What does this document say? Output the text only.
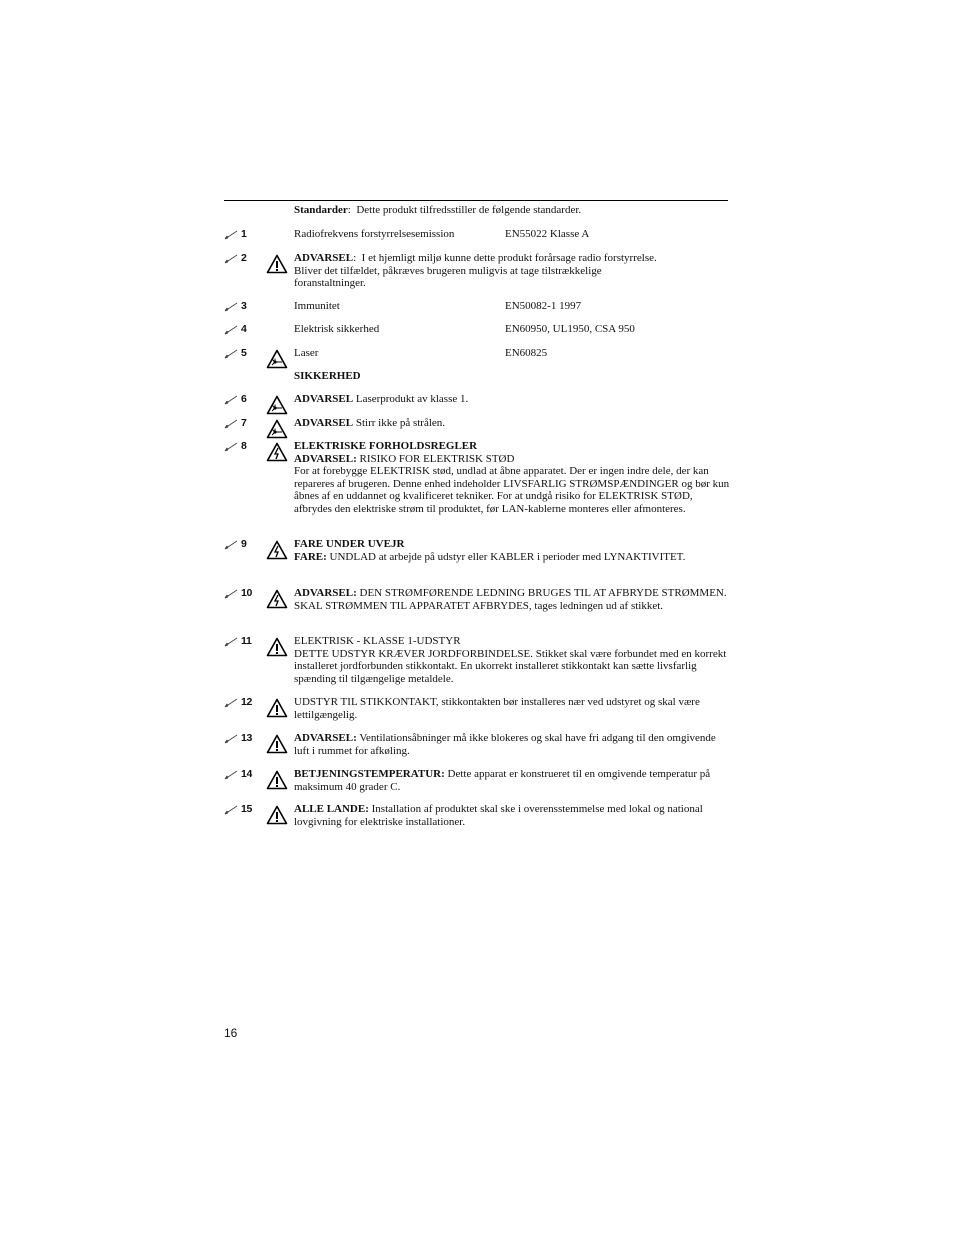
Standarder:  Dette produkt tilfredsstiller de følgende standarder.
1	Radiofrekvens forstyrrelsesemission	EN55022 Klasse A
2	ADVARSEL:  I et hjemligt miljø kunne dette produkt forårsage radio forstyrrelse.
Bliver det tilfældet, påkræves brugeren muligvis at tage tilstrækkelige
foranstaltninger.
3	Immunitet	EN50082-1 1997
4	Elektrisk sikkerhed	EN60950, UL1950, CSA 950
5	Laser	EN60825
SIKKERHED
6	ADVARSEL Laserprodukt av klasse 1.
7	ADVARSEL Stirr ikke på strålen.
8	ELEKTRISKE FORHOLDSREGLER
ADVARSEL: RISIKO FOR ELEKTRISK STØD
For at forebygge ELEKTRISK stød, undlad at åbne apparatet. Der er ingen indre dele, der kan repareres af brugeren. Denne enhed indeholder LIVSFARLIG STRØMSPÆNDINGER og bør kun åbnes af en uddannet og kvalificeret tekniker. For at undgå risiko for ELEKTRISK STØD, afbrydes den elektriske strøm til produktet, før LAN-kablerne monteres eller afmonteres.
9	FARE UNDER UVEJR
FARE: UNDLAD at arbejde på udstyr eller KABLER i perioder med LYNAKTIVITET.
10	ADVARSEL: DEN STRØMFØRENDE LEDNING BRUGES TIL AT AFBRYDE STRØMMEN. SKAL STRØMMEN TIL APPARATET AFBRYDES, tages ledningen ud af stikket.
11	ELEKTRISK - KLASSE 1-UDSTYR
DETTE UDSTYR KRÆVER JORDFORBINDELSE. Stikket skal være forbundet med en korrekt installeret jordforbunden stikkontakt. En ukorrekt installeret stikkontakt kan sætte livsfarlig spænding til tilgængelige metaldele.
12	UDSTYR TIL STIKKONTAKT, stikkontakten bør installeres nær ved udstyret og skal være lettilgængelig.
13	ADVARSEL: Ventilationsåbninger må ikke blokeres og skal have fri adgang til den omgivende luft i rummet for afkøling.
14	BETJENINGSTEMPERATUR: Dette apparat er konstrueret til en omgivende temperatur på maksimum 40 grader C.
15	ALLE LANDE: Installation af produktet skal ske i overensstemmelse med lokal og national lovgivning for elektriske installationer.
16
